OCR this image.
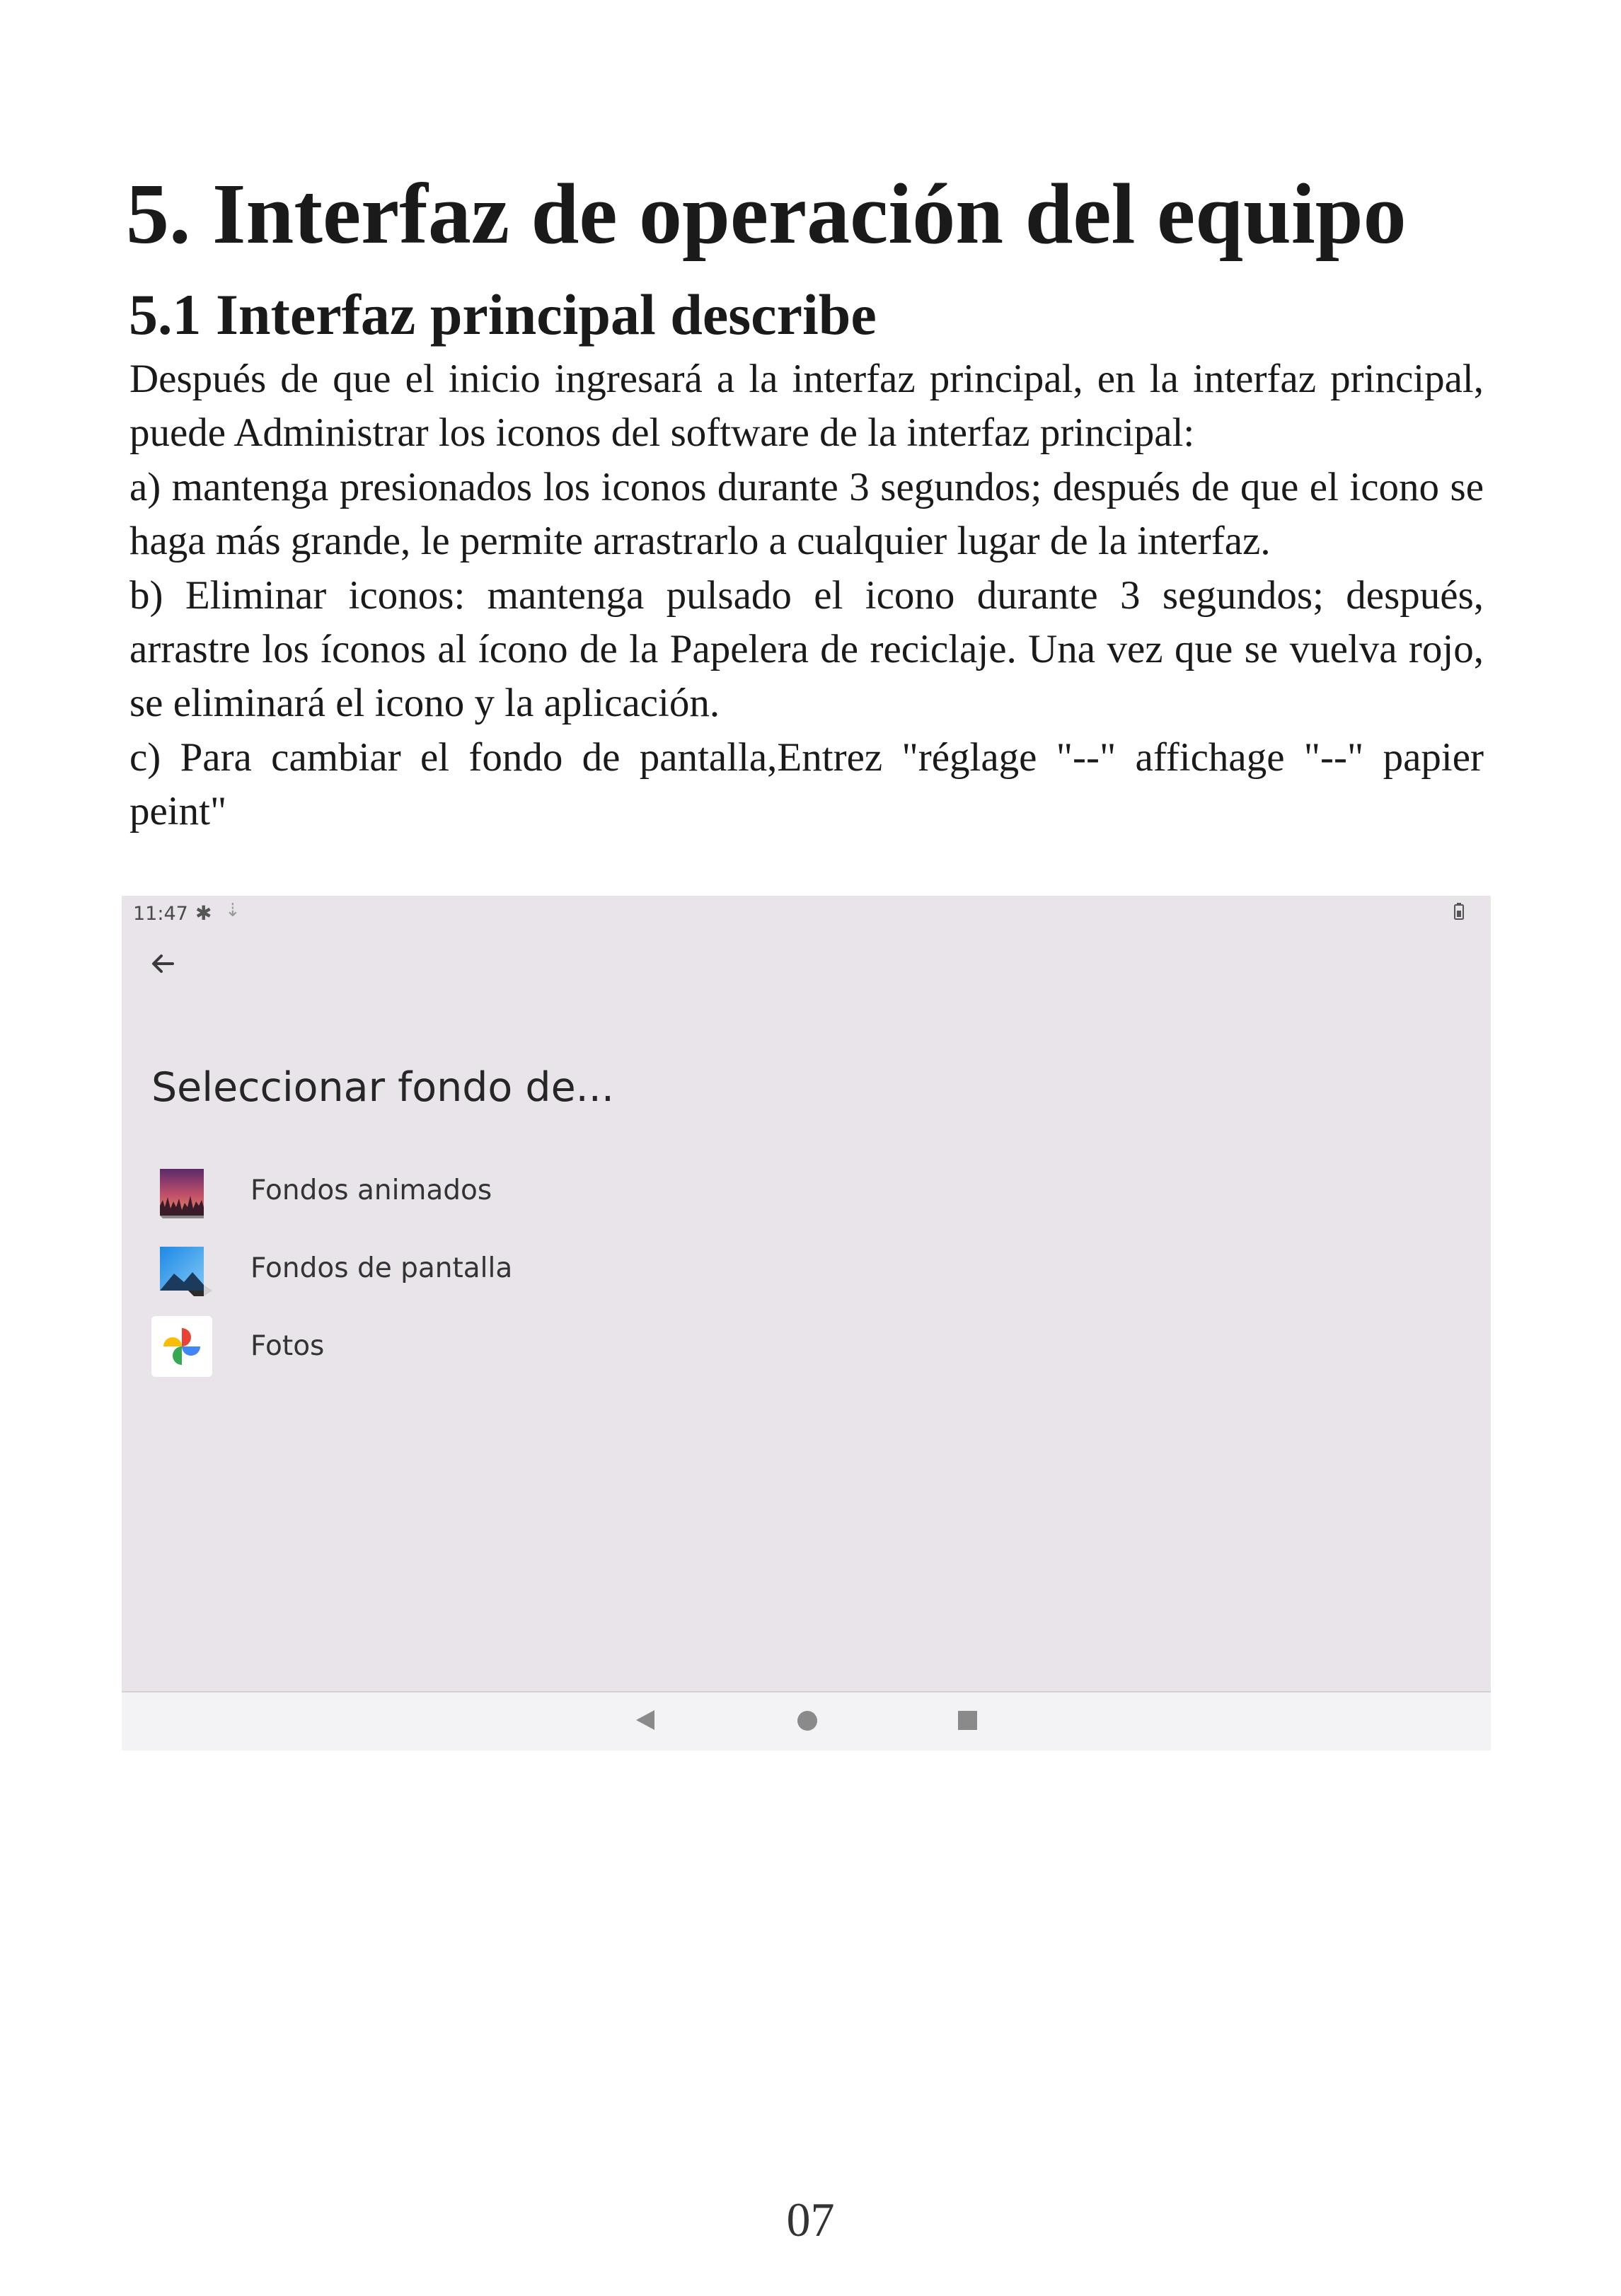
5. Interfaz de operación del equipo
5.1 Interfaz principal describe

Después de que el inicio ingresará a la interfaz principal, en la interfaz principal, puede Administrar los iconos del software de la interfaz principal:

a) mantenga presionados los iconos durante 3 segundos; después de que el icono se haga más grande, le permite arrastrarlo a cualquier lugar de la interfaz.

b) Eliminar iconos: mantenga pulsado el icono durante 3 segundos; después, arrastre los íconos al ícono de la Papelera de reciclaje. Una vez que se vuelva rojo, se eliminará el icono y la aplicación.

c) Para cambiar el fondo de pantalla,Entrez "réglage "--" affichage "--" papier peint"

11:47 ✱ ⇣
Seleccionar fondo de...
Fondos animados
Fondos de pantalla
Fotos
07
